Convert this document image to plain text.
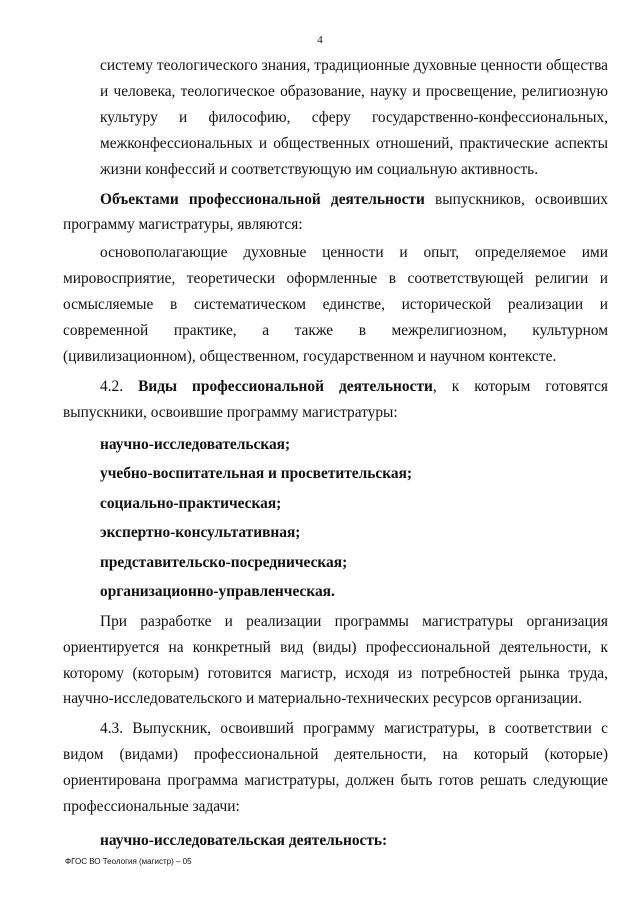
4

систему теологического знания, традиционные духовные ценности общества и человека, теологическое образование, науку и просвещение, религиозную культуру и философию, сферу государственно-конфессиональных, межконфессиональных и общественных отношений, практические аспекты жизни конфессий и соответствующую им социальную активность.

Объектами профессиональной деятельности выпускников, освоивших программу магистратуры, являются:

основополагающие духовные ценности и опыт, определяемое ими мировосприятие, теоретически оформленные в соответствующей религии и осмысляемые в систематическом единстве, исторической реализации и современной практике, а также в межрелигиозном, культурном (цивилизационном), общественном, государственном и научном контексте.

4.2. Виды профессиональной деятельности, к которым готовятся выпускники, освоившие программу магистратуры:

научно-исследовательская;

учебно-воспитательная и просветительская;

социально-практическая;

экспертно-консультативная;

представительско-посредническая;

организационно-управленческая.

При разработке и реализации программы магистратуры организация ориентируется на конкретный вид (виды) профессиональной деятельности, к которому (которым) готовится магистр, исходя из потребностей рынка труда, научно-исследовательского и материально-технических ресурсов организации.

4.3. Выпускник, освоивший программу магистратуры, в соответствии с видом (видами) профессиональной деятельности, на который (которые) ориентирована программа магистратуры, должен быть готов решать следующие профессиональные задачи:

научно-исследовательская деятельность:

ФГОС ВО Теология (магистр) – 05
